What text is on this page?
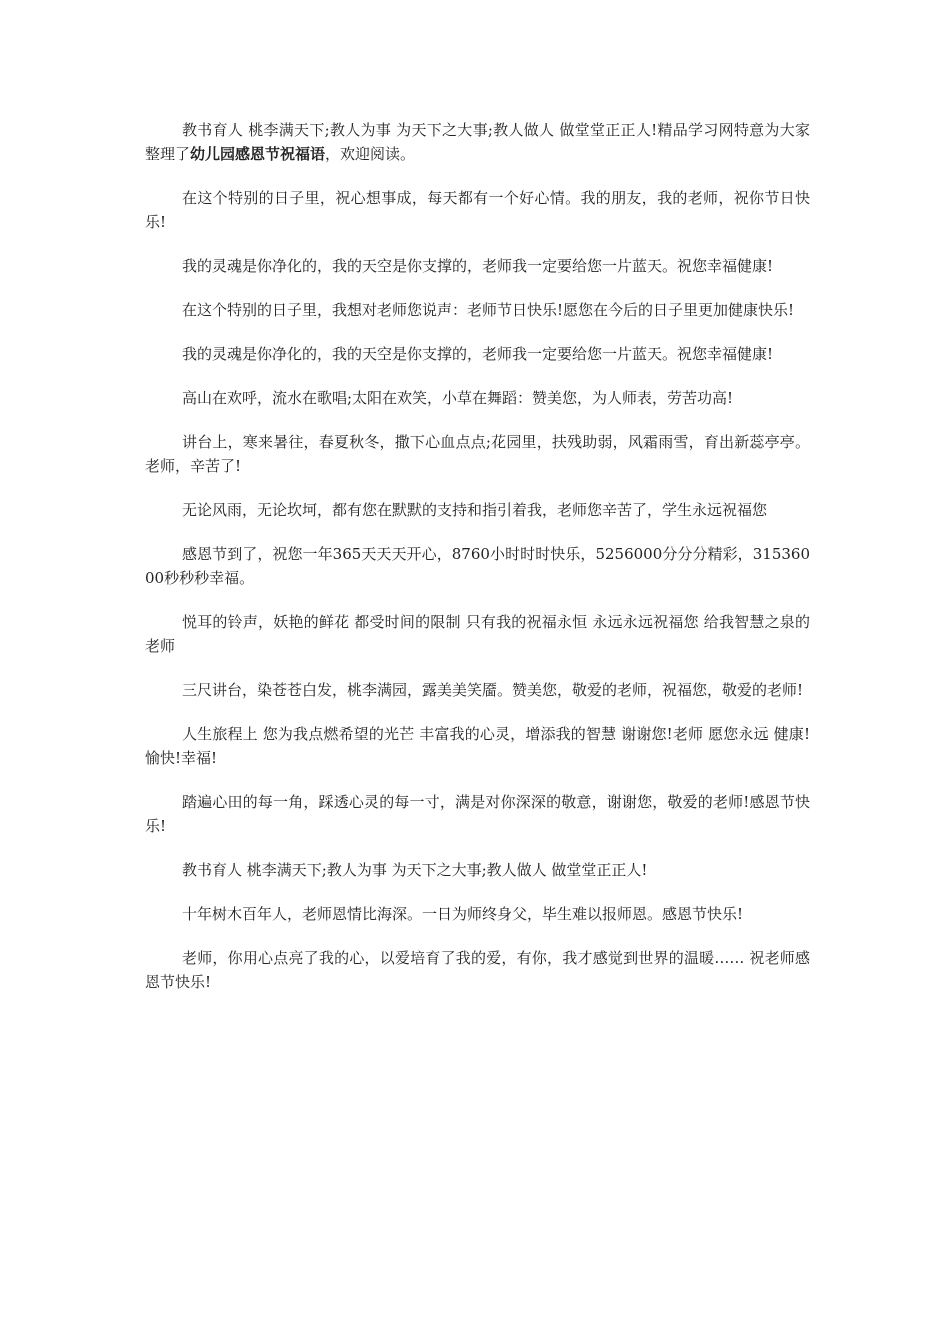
教书育人 桃李满天下;教人为事 为天下之大事;教人做人 做堂堂正正人!精品学习网特意为大家整理了幼儿园感恩节祝福语，欢迎阅读。

在这个特别的日子里，祝心想事成，每天都有一个好心情。我的朋友，我的老师，祝你节日快乐!

我的灵魂是你净化的，我的天空是你支撑的，老师我一定要给您一片蓝天。祝您幸福健康!

在这个特别的日子里，我想对老师您说声：老师节日快乐!愿您在今后的日子里更加健康快乐!

我的灵魂是你净化的，我的天空是你支撑的，老师我一定要给您一片蓝天。祝您幸福健康!

高山在欢呼，流水在歌唱;太阳在欢笑，小草在舞蹈：赞美您，为人师表，劳苦功高!

讲台上，寒来暑往，春夏秋冬，撒下心血点点;花园里，扶残助弱，风霜雨雪，育出新蕊亭亭。老师，辛苦了!

无论风雨，无论坎坷，都有您在默默的支持和指引着我，老师您辛苦了，学生永远祝福您

感恩节到了，祝您一年365天天天开心，8760小时时时快乐，5256000分分分精彩，31536000秒秒秒幸福。

悦耳的铃声，妖艳的鲜花 都受时间的限制 只有我的祝福永恒 永远永远祝福您 给我智慧之泉的老师

三尺讲台，染苍苍白发，桃李满园，露美美笑靥。赞美您，敬爱的老师，祝福您，敬爱的老师!

人生旅程上 您为我点燃希望的光芒 丰富我的心灵，增添我的智慧 谢谢您!老师 愿您永远 健康!愉快!幸福!

踏遍心田的每一角，踩透心灵的每一寸，满是对你深深的敬意，谢谢您，敬爱的老师!感恩节快乐!

教书育人 桃李满天下;教人为事 为天下之大事;教人做人 做堂堂正正人!

十年树木百年人，老师恩情比海深。一日为师终身父，毕生难以报师恩。感恩节快乐!

老师，你用心点亮了我的心，以爱培育了我的爱，有你，我才感觉到世界的温暖…… 祝老师感恩节快乐!
